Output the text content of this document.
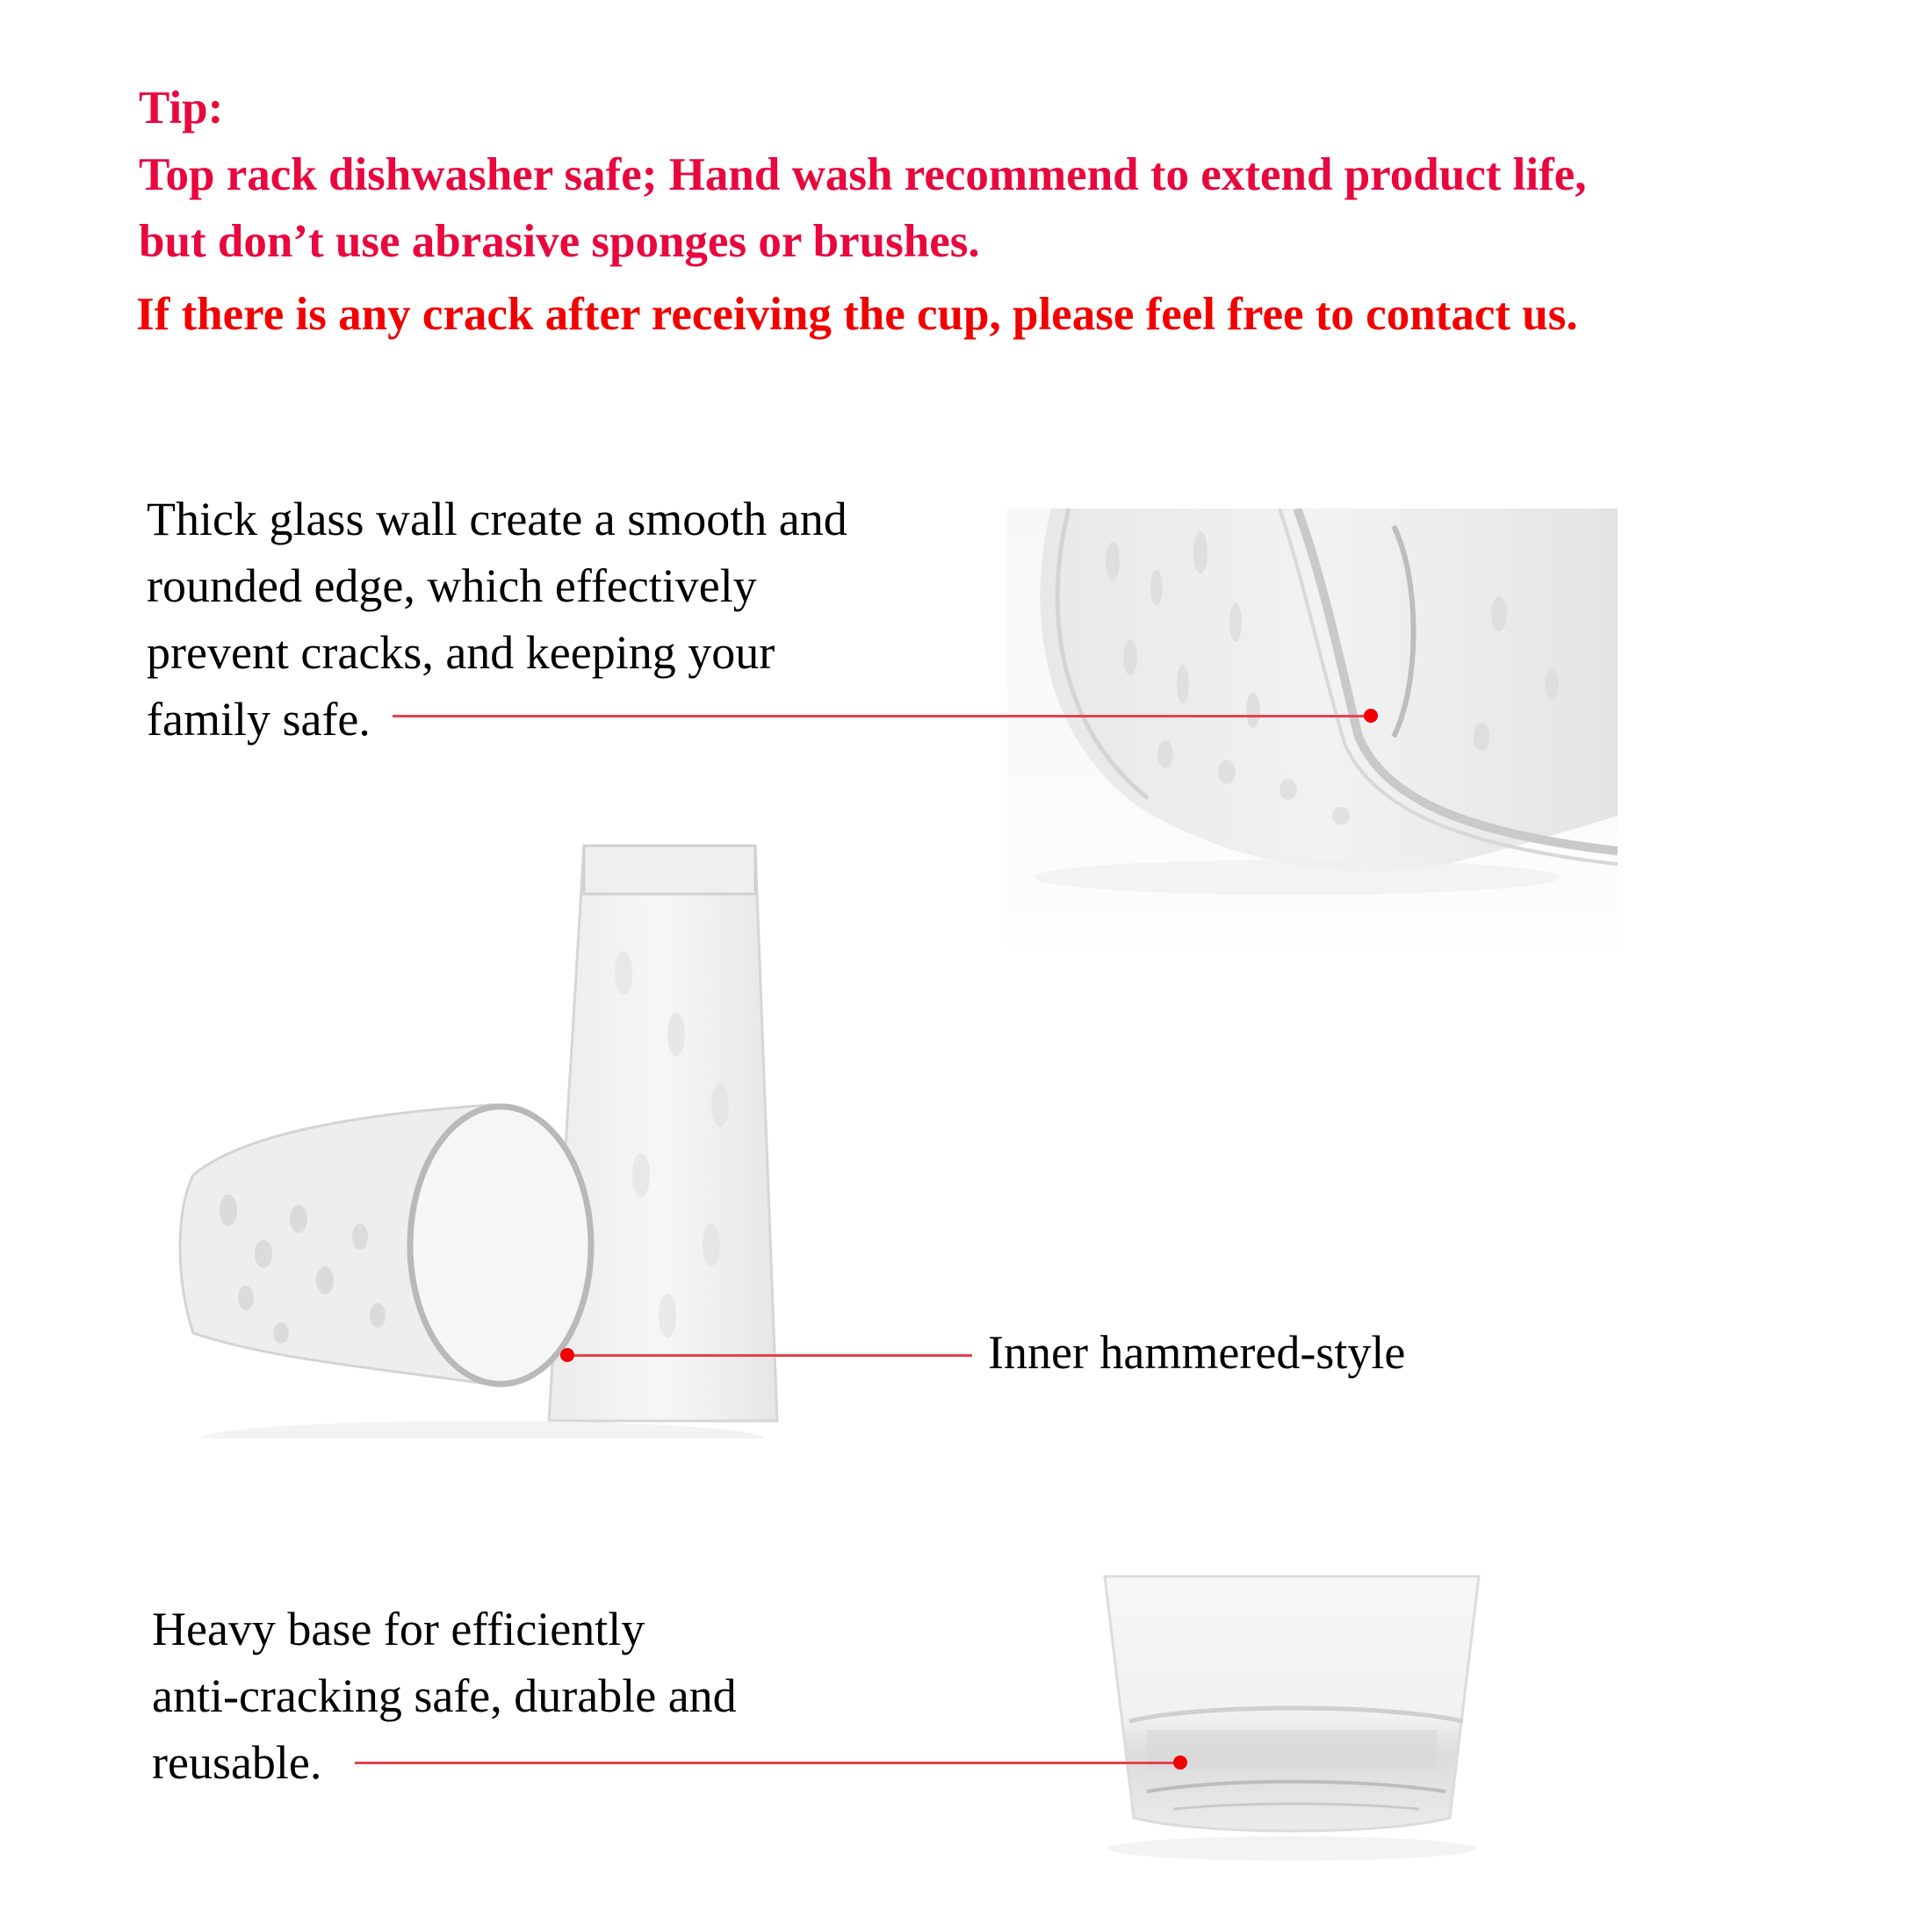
Tip:
Top rack dishwasher safe; Hand wash recommend to extend product life,
but don’t use abrasive sponges or brushes.
If there is any crack after receiving the cup, please feel free to contact us.
Thick glass wall create a smooth and
rounded edge, which effectively
prevent cracks, and keeping your
family safe.
Inner hammered-style
Heavy base for efficiently
anti-cracking safe, durable and
reusable.
